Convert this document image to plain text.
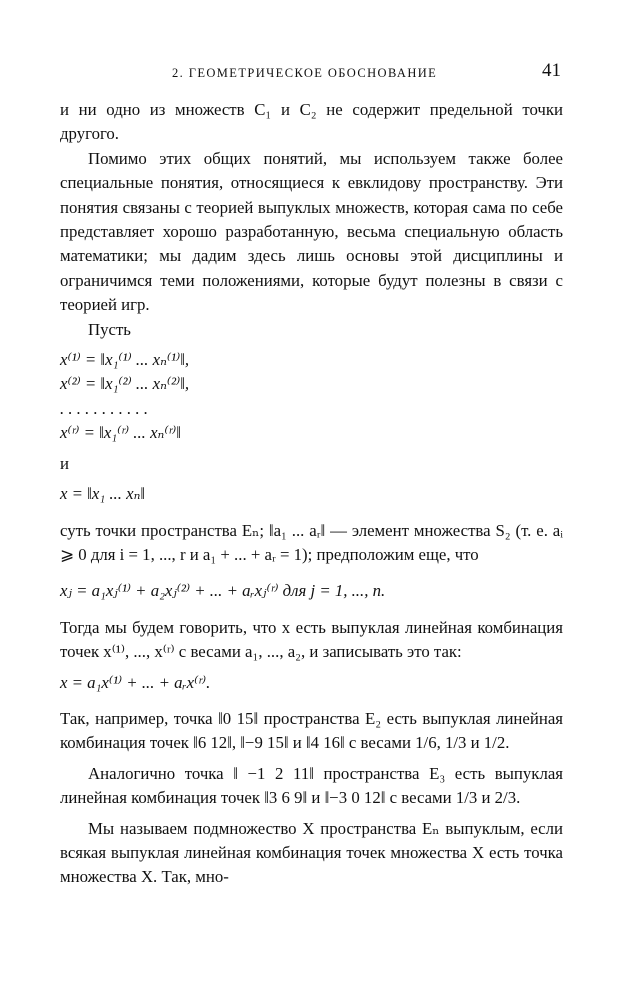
2. ГЕОМЕТРИЧЕСКОЕ ОБОСНОВАНИЕ	41

и ни одно из множеств C₁ и C₂ не содержит предельной точки другого.

Помимо этих общих понятий, мы используем также более специальные понятия, относящиеся к евклидову пространству. Эти понятия связаны с теорией выпуклых множеств, которая сама по себе представляет хорошо разработанную, весьма специальную область математики; мы дадим здесь лишь основы этой дисциплины и ограничимся теми положениями, которые будут полезны в связи с теорией игр.

Пусть

x⁽¹⁾ = ‖x₁⁽¹⁾ ... xₙ⁽¹⁾‖,

x⁽²⁾ = ‖x₁⁽²⁾ ... xₙ⁽²⁾‖,

. . . . . . . . . . .

x⁽ʳ⁾ = ‖x₁⁽ʳ⁾ ... xₙ⁽ʳ⁾‖

и

x = ‖x₁ ... xₙ‖

суть точки пространства Eₙ; ‖a₁ ... aᵣ‖ — элемент множества S₂ (т. е. aᵢ ⩾ 0 для i = 1, ..., r и a₁ + ... + aᵣ = 1); предположим еще, что

xⱼ = a₁xⱼ⁽¹⁾ + a₂xⱼ⁽²⁾ + ... + aᵣxⱼ⁽ʳ⁾ для j = 1, ..., n.

Тогда мы будем говорить, что x есть выпуклая линейная комбинация точек x⁽¹⁾, ..., x⁽ʳ⁾ с весами a₁, ..., a₂, и записывать это так:

x = a₁x⁽¹⁾ + ... + aᵣx⁽ʳ⁾.

Так, например, точка ‖0 15‖ пространства E₂ есть выпуклая линейная комбинация точек ‖6 12‖, ‖−9 15‖ и ‖4 16‖ с весами 1/6, 1/3 и 1/2.

Аналогично точка ‖ −1 2 11‖ пространства E₃ есть выпуклая линейная комбинация точек ‖3 6 9‖ и ‖−3 0 12‖ с весами 1/3 и 2/3.

Мы называем подмножество X пространства Eₙ выпуклым, если всякая выпуклая линейная комбинация точек множества X есть точка множества X. Так, мно-
